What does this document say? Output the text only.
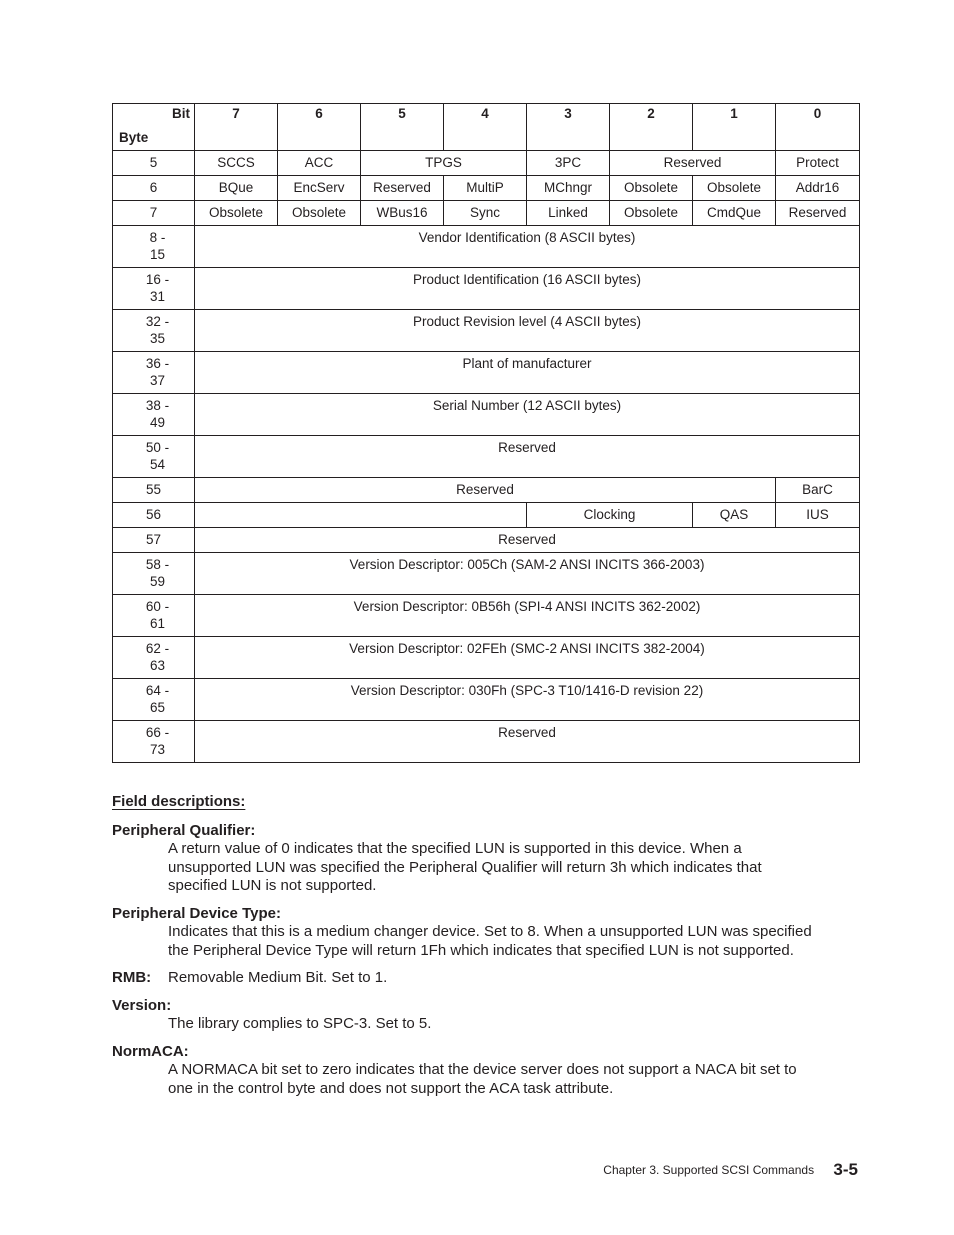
Bit
Byte	7	6	5	4	3	2	1	0
5	SCCS	ACC	TPGS		3PC	Reserved		Protect
6	BQue	EncServ	Reserved	MultiP	MChngr	Obsolete	Obsolete	Addr16
7	Obsolete	Obsolete	WBus16	Sync	Linked	Obsolete	CmdQue	Reserved

8 -
15	Vendor Identification (8 ASCII bytes)							

16 -
31	Product Identification (16 ASCII bytes)							

32 -
35	Product Revision level (4 ASCII bytes)							

36 -
37	Plant of manufacturer							

38 -
49	Serial Number (12 ASCII bytes)							

50 -
54	Reserved							
55	Reserved							BarC
56					Clocking		QAS	IUS
57	Reserved							

58 -
59	Version Descriptor: 005Ch (SAM-2 ANSI INCITS 366-2003)							

60 -
61	Version Descriptor: 0B56h (SPI-4 ANSI INCITS 362-2002)							

62 -
63	Version Descriptor: 02FEh (SMC-2 ANSI INCITS 382-2004)							

64 -
65	Version Descriptor: 030Fh (SPC-3 T10/1416-D revision 22)							

66 -
73	Reserved							

Field descriptions:

Peripheral Qualifier:

A return value of 0 indicates that the specified LUN is supported in this device. When a
unsupported LUN was specified the Peripheral Qualifier will return 3h which indicates that
specified LUN is not supported.

Peripheral Device Type:

Indicates that this is a medium changer device. Set to 8. When a unsupported LUN was specified
the Peripheral Device Type will return 1Fh which indicates that specified LUN is not supported.

RMB: Removable Medium Bit. Set to 1.

Version:

The library complies to SPC-3. Set to 5.

NormACA:

A NORMACA bit set to zero indicates that the device server does not support a NACA bit set to
one in the control byte and does not support the ACA task attribute.

Chapter 3. Supported SCSI Commands 3-5
